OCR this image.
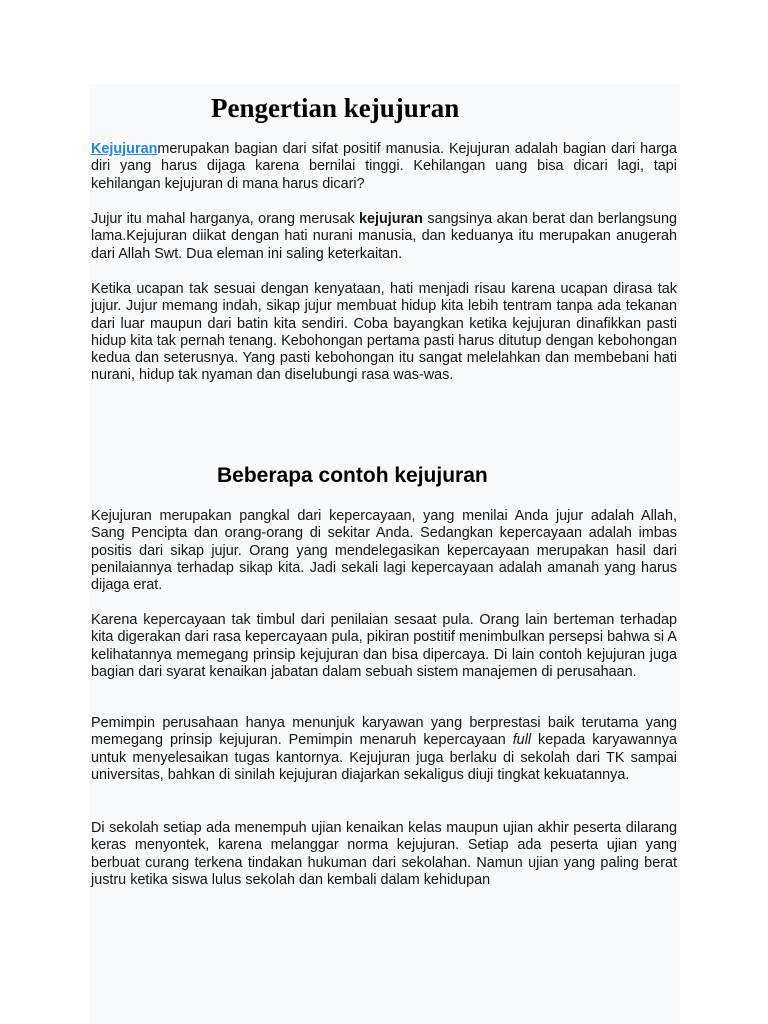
Pengertian kejujuran

Kejujuranmerupakan bagian dari sifat positif manusia. Kejujuran adalah bagian dari harga diri yang harus dijaga karena bernilai tinggi. Kehilangan uang bisa dicari lagi, tapi kehilangan kejujuran di mana harus dicari?

Jujur itu mahal harganya, orang merusak kejujuran sangsinya akan berat dan berlangsung lama.Kejujuran diikat dengan hati nurani manusia, dan keduanya itu merupakan anugerah dari Allah Swt. Dua eleman ini saling keterkaitan.

Ketika ucapan tak sesuai dengan kenyataan, hati menjadi risau karena ucapan dirasa tak jujur. Jujur memang indah, sikap jujur membuat hidup kita lebih tentram tanpa ada tekanan dari luar maupun dari batin kita sendiri. Coba bayangkan ketika kejujuran dinafikkan pasti hidup kita tak pernah tenang. Kebohongan pertama pasti harus ditutup dengan kebohongan kedua dan seterusnya. Yang pasti kebohongan itu sangat melelahkan dan membebani hati nurani, hidup tak nyaman dan diselubungi rasa was-was.

Beberapa contoh kejujuran

Kejujuran merupakan pangkal dari kepercayaan, yang menilai Anda jujur adalah Allah, Sang Pencipta dan orang-orang di sekitar Anda. Sedangkan kepercayaan adalah imbas positis dari sikap jujur. Orang yang mendelegasikan kepercayaan merupakan hasil dari penilaiannya terhadap sikap kita. Jadi sekali lagi kepercayaan adalah amanah yang harus dijaga erat.

Karena kepercayaan tak timbul dari penilaian sesaat pula. Orang lain berteman terhadap kita digerakan dari rasa kepercayaan pula, pikiran postitif menimbulkan persepsi bahwa si A kelihatannya memegang prinsip kejujuran dan bisa dipercaya. Di lain contoh kejujuran juga bagian dari syarat kenaikan jabatan dalam sebuah sistem manajemen di perusahaan.

Pemimpin perusahaan hanya menunjuk karyawan yang berprestasi baik terutama yang memegang prinsip kejujuran. Pemimpin menaruh kepercayaan full kepada karyawannya untuk menyelesaikan tugas kantornya. Kejujuran juga berlaku di sekolah dari TK sampai universitas, bahkan di sinilah kejujuran diajarkan sekaligus diuji tingkat kekuatannya.

Di sekolah setiap ada menempuh ujian kenaikan kelas maupun ujian akhir peserta dilarang keras menyontek, karena melanggar norma kejujuran. Setiap ada peserta ujian yang berbuat curang terkena tindakan hukuman dari sekolahan. Namun ujian yang paling berat justru ketika siswa lulus sekolah dan kembali dalam kehidupan
